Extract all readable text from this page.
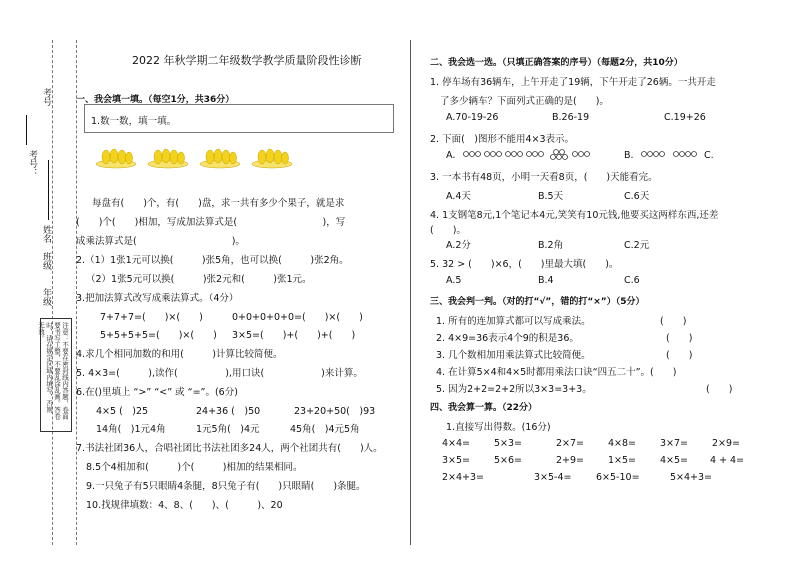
考号：
考号
姓名
班级
年级
注意：不要在密封线内答题，卷面
要书写工整，不要乱涂乱画。答卷
时，请在规定区域内填写，否则
无效。
2022 年秋学期二年级数学教学质量阶段性诊断
一、我会填一填。（每空1分，共36分）
1.数一数，填一填。
每盘有(　　)个，有(　　)盘，求一共有多少个果子，就是求
(　　)个(　　)相加，写成加法算式是(　　　　　　　　　)，写
成乘法算式是(　　　　　　　　　　)。
2.（1）1张1元可以换(　　　)张5角，也可以换(　　　)张2角。
（2）1张5元可以换(　　　)张2元和(　　　)张1元。
3.把加法算式改写成乘法算式。（4分）
7+7+7=(　　)×(　　)	0+0+0+0+0=(　　)×(　　)
5+5+5+5=(　　)×(　　) 3×5=(　　)+(　　)+(　　)
4.求几个相同加数的和用(　　　)计算比较简便。
5. 4×3=(　　　),读作(　　　　　),用口诀(　　　　　　)来计算。
6.在()里填上 “>” “<” 或 “=”。(6分)
4×5 (　)25	24+36 (　)50	23+20+50(　)93
14角(　)1元4角	1元5角(　)4元	45角(　)4元5角
7.书法社团36人，合唱社团比书法社团多24人，两个社团共有(　　)人。
8.5个4相加和(　　　)个(　　　)相加的结果相同。
9.一只兔子有5只眼睛4条腿，8只兔子有(　　)只眼睛(　　)条腿。
10.找规律填数：4、8、(　　)、(　　　)、20
二、我会选一选。（只填正确答案的序号）（每题2分，共10分）
1. 停车场有36辆车，上午开走了19辆，下午开走了26辆。一共开走
了多少辆车？下面列式正确的是(　　)。
A.70-19-26	B.26-19	C.19+26
2. 下面(　)图形不能用4×3表示。
A.	B.	C.
3. 一本书有48页，小明一天看8页，(　　)天能看完。
A.4天	B.5天	C.6天
4. 1支钢笔8元,1个笔记本4元,笑笑有10元钱,他要买这两样东西,还差
(　　)。
A.2分	B.2角	C.2元
5. 32 > (　　)×6，(　　)里最大填(　　)。
A.5	B.4	C.6
三、我会判一判。（对的打“√”，错的打“×”）（5分）
1. 所有的连加算式都可以写成乘法。	(　　)
2. 4×9=36表示4个9的积是36。	(　　)
3. 几个数相加用乘法算式比较简便。	(　　)
4. 在计算5×4和4×5时都用乘法口诀“四五二十”。(　　)
5. 因为2+2=2+2所以3×3=3+3。	(　　)
四、我会算一算。（22分）
1.直接写出得数。(16分)
4×4=	5×3=	2×7=	4×8=	3×7=	2×9=
3×5=	5×6=	2+9=	1×5=	4×5= 4 + 4=
2×4+3=	3×5-4=	6×5-10=	5×4+3=
